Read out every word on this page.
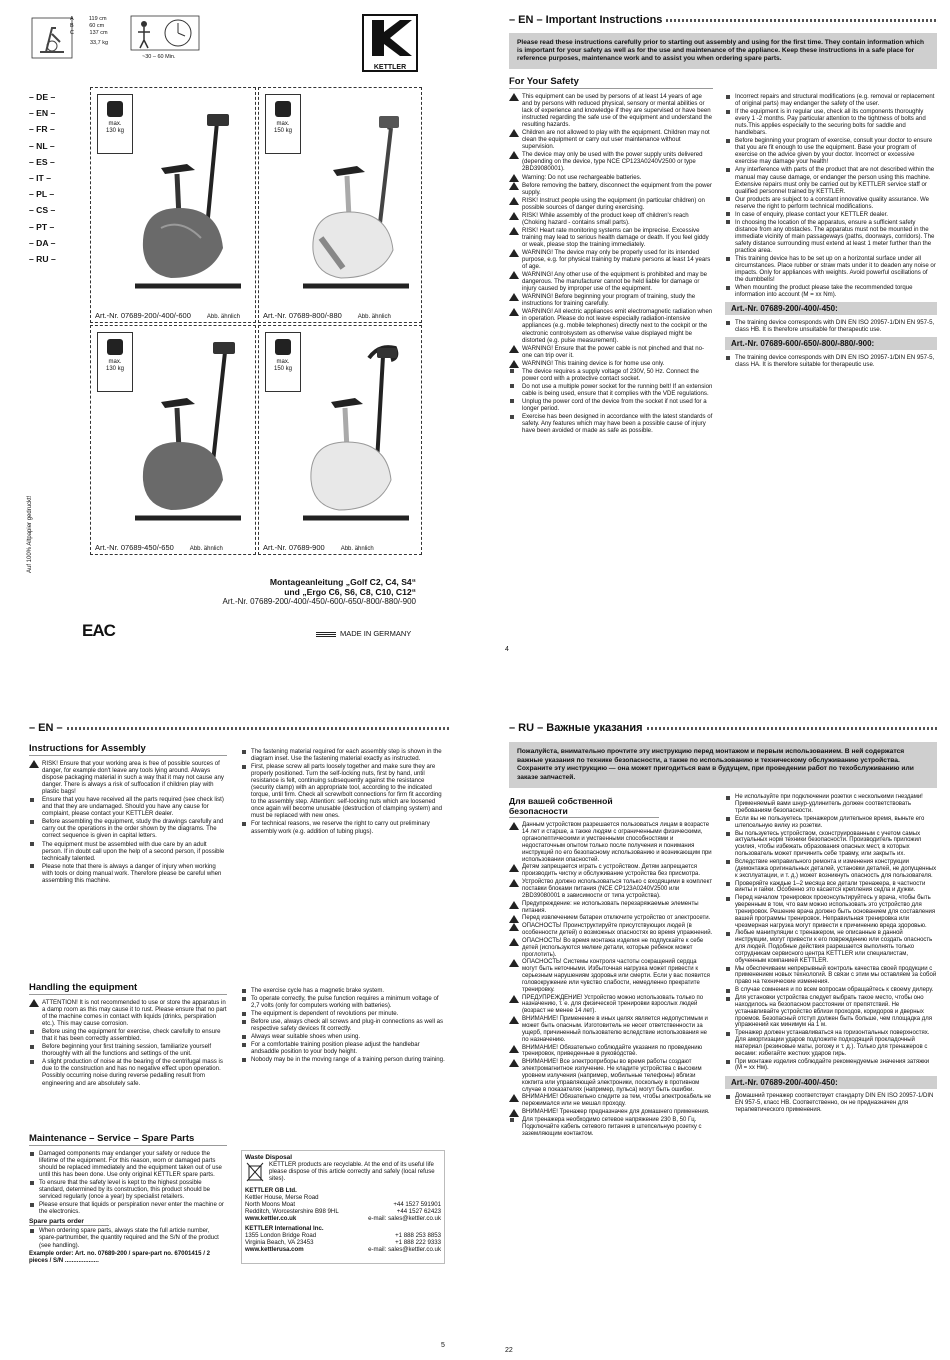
A	119 cm
B	60 cm
C	137 cm
33,7 kg
~30 – 60 Min.
KETTLER
– DE –
– EN –
– FR –
– NL –
– ES –
– IT –
– PL –
– CS –
– PT –
– DA –
– RU –
max.
130 kg
Art.-Nr. 07689-200/-400/-600	Abb. ähnlich
max.
150 kg
Art.-Nr. 07689-800/-880	Abb. ähnlich
max.
130 kg
Art.-Nr. 07689-450/-650	Abb. ähnlich
max.
150 kg
Art.-Nr. 07689-900	Abb. ähnlich
Auf 100% Altpapier gedruckt!
Montageanleitung „Golf C2, C4, S4“
und „Ergo C6, S6, C8, C10, C12“
Art.-Nr. 07689-200/-400/-450/-600/-650/-800/-880/-900
EAC	MADE IN GERMANY
– EN – Important Instructions
Please read these instructions carefully prior to starting out assembly and using for the first time. They contain information which is important for your safety as well as for the use and maintenance of the appliance. Keep these instructions in a safe place for reference purposes, maintenance work and to assist you when ordering spare parts.
For Your Safety
This equipment can be used by persons of at least 14 years of age and by persons with reduced physical, sensory or mental abilities or lack of experience and knowledge if they are supervised or have been instructed regarding the safe use of the equipment and understand the resulting hazards.
Children are not allowed to play with the equipment. Children may not clean the equipment or carry out user maintenance without supervision.
The device may only be used with the power supply units delivered (depending on the device, type NCE CP123A0240V2500 or type 2BD39080001).
Warning: Do not use rechargeable batteries.
Before removing the battery, disconnect the equipment from the power supply.
RISK! Instruct people using the equipment (in particular children) on possible sources of danger during exercising.
RISK! While assembly of the product keep off children's reach (Choking hazard - contains small parts).
RISK! Heart rate monitoring systems can be imprecise. Excessive training may lead to serious health damage or death. If you feel giddy or weak, please stop the training immediately.
WARNING! The device may only be properly used for its intended purpose, e.g. for physical training by mature persons at least 14 years of age.
WARNING! Any other use of the equipment is prohibited and may be dangerous. The manufacturer cannot be held liable for damage or injury caused by improper use of the equipment.
WARNING! Before beginning your program of training, study the instructions for training carefully.
WARNING! All electric appliances emit electromagnetic radiation when in operation. Please do not leave especially radiation-intensive appliances (e.g. mobile telephones) directly next to the cockpit or the electronic controlsystem as otherwise value displayed might be distorted (e.g. pulse measurement).
WARNING! Ensure that the power cable is not pinched and that no-one can trip over it.
WARNING! This training device is for home use only.
The device requires a supply voltage of 230V, 50 Hz. Connect the power cord with a protective contact socket.
Do not use a multiple power socket for the running belt! If an extension cable is being used, ensure that it complies with the VDE regulations.
Unplug the power cord of the device from the socket if not used for a longer period.
Exercise has been designed in accordance with the latest standards of safety. Any features which may have been a possible cause of injury have been avoided or made as safe as possible.
Incorrect repairs and structural modifications (e.g. removal or replacement of original parts) may endanger the safety of the user.
If the equipment is in regular use, check all its components thoroughly every 1 -2 months. Pay particular attention to the tightness of bolts and nuts.This applies especially to the securing bolts for saddle and handlebars.
Before beginning your program of exercise, consult your doctor to ensure that you are fit enough to use the equipment. Base your program of exercise on the advice given by your doctor. Incorrect or excessive exercise may damage your health!
Any interference with parts of the product that are not described within the manual may cause damage, or endanger the person using this machine. Extensive repairs must only be carried out by KETTLER service staff or qualified personnel trained by KETTLER.
Our products are subject to a constant innovative quality assurance. We reserve the right to perform technical modifications.
In case of enquiry, please contact your KETTLER dealer.
In choosing the location of the apparatus, ensure a sufficient safety distance from any obstacles. The apparatus must not be mounted in the immediate vicinity of main passageways (paths, doorways, corridors). The safety distance surrounding must extend at least 1 meter further than the practice area.
This training device has to be set up on a horizontal surface under all circumstances. Place rubber or straw mats under it to deaden any noise or impacts. Only for appliances with weights. Avoid powerful oscillations of the dumbbells!
When mounting the product please take the recommended torque information into account (M = xx Nm).
Art.-Nr. 07689-200/-400/-450:
The training device corresponds with DIN EN ISO 20957-1/DIN EN 957-5, class HB. It is therefore unsuitable for therapeutic use.
Art.-Nr. 07689-600/-650/-800/-880/-900:
The training device corresponds with DIN EN ISO 20957-1/DIN EN 957-5, class HA. It is therefore suitable for therapeutic use.
4
– EN –
Instructions for Assembly
RISK! Ensure that your working area is free of possible sources of danger, for example don't leave any tools lying around. Always dispose packaging material in such a way that it may not cause any danger. There is always a risk of suffocation if children play with plastic bags!
Ensure that you have received all the parts required (see check list) and that they are undamaged. Should you have any cause for complaint, please contact your KETTLER dealer.
Before assembling the equipment, study the drawings carefully and carry out the operations in the order shown by the diagrams. The correct sequence is given in capital letters.
The equipment must be assembled with due care by an adult person. If in doubt call upon the help of a second person, if possible technically talented.
Please note that there is always a danger of injury when working with tools or doing manual work. Therefore please be careful when assembling this machine.
The fastening material required for each assembly step is shown in the diagram inset. Use the fastening material exactly as instructed.
First, please screw all parts loosely together and make sure they are properly positioned. Turn the self-locking nuts, first by hand, until resistance is felt, continuing subsequently against the resistance (security clamp) with an appropriate tool, according to the indicated torque, until firm. Check all screw/bolt connections for firm fit according to the assembly step. Attention: self-locking nuts which are loosened once again will become unusable (destruction of clamping system) and must be replaced with new ones.
For technical reasons, we reserve the right to carry out preliminary assembly work (e.g. addition of tubing plugs).
Handling the equipment
ATTENTION! It is not recommended to use or store the apparatus in a damp room as this may cause it to rust. Please ensure that no part of the machine comes in contact with liquids (drinks, perspiration etc.). This may cause corrosion.
Before using the equipment for exercise, check carefully to ensure that it has been correctly assembled.
Before beginning your first training session, familiarize yourself thoroughly with all the functions and settings of the unit.
A slight production of noise at the bearing of the centrifugal mass is due to the construction and has no negative effect upon operation. Possibly occurring noise during reverse pedalling result from engineering and are absolutely safe.
The exercise cycle has a magnetic brake system.
To operate correctly, the pulse function requires a minimum voltage of 2,7 volts (only for computers working with batteries).
The equipment is dependent of revolutions per minute.
Before use, always check all screws and plug-in connections as well as respective safety devices fit correctly.
Always wear suitable shoes when using.
For a comfortable training position please adjust the handlebar andsaddle position to your body height.
Nobody may be in the moving range of a training person during training.
Maintenance – Service – Spare Parts
Damaged components may endanger your safety or reduce the lifetime of the equipment. For this reason, worn or damaged parts should be replaced immediately and the equipment taken out of use until this has been done. Use only original KETTLER spare parts.
To ensure that the safety level is kept to the highest possible standard, determined by its construction, this product should be serviced regularly (once a year) by specialist retailers.
Please ensure that liquids or perspiration never enter the machine or the electronics.
Spare parts order
When ordering spare parts, always state the full article number, spare-partnumber, the quantity required and the S/N of the product (see handling).
Example order: Art. no. 07689-200 / spare-part no. 67001415 / 2 pieces / S/N ....................
Waste Disposal
KETTLER products are recyclable. At the end of its useful life please dispose of this article correctly and safely (local refuse sites).
KETTLER GB Ltd.
Kettler House, Merse Road
North Moons Moat	+44 1527 591901
Redditch, Worcestershire B98 9HL	+44 1527 62423
www.kettler.co.uk	e-mail: sales@kettler.co.uk
KETTLER International Inc.
1355 London Bridge Road	+1 888 253 8853
Virginia Beach, VA 23453	+1 888 222 9333
www.kettlerusa.com	e-mail: sales@kettler.co.uk
5
– RU – Важные указания
Пожалуйста, внимательно прочтите эту инструкцию перед монтажом и первым использованием. В ней содержатся важные указания по технике безопасности, а также по использованию и техническому обслуживанию устройства. Сохраните эту инструкцию — она может пригодиться вам в будущем, при проведении работ по техобслуживанию или заказе запчастей.
Для вашей собственной безопасности
Данным устройством разрешается пользоваться лицам в возрасте 14 лет и старше, а также людям с ограниченными физическими, органолептическими и умственными способностями и недостаточным опытом только после получения и понимания инструкций по его безопасному использованию и возникающим при использовании опасностей.
Детям запрещается играть с устройством. Детям запрещается производить чистку и обслуживание устройства без присмотра.
Устройство должно использоваться только с входящими в комплект поставки блоками питания (NCE CP123A0240V2500 или 2BD39080001 в зависимости от типа устройства).
Предупреждение: не использовать перезаряжаемые элементы питания.
Перед извлечением батареи отключите устройство от электросети.
ОПАСНОСТЬ! Проинструктируйте присутствующих людей (в особенности детей) о возможных опасностях во время упражнений.
ОПАСНОСТЬ! Во время монтажа изделия не подпускайте к себе детей (используются мелкие детали, которые ребенок может проглотить).
ОПАСНОСТЬ! Системы контроля частоты сокращений сердца могут быть неточными. Избыточная нагрузка может привести к серьезным нарушениям здоровья или смерти. Если у вас появится головокружение или чувство слабости, немедленно прекратите тренировку.
ПРЕДУПРЕЖДЕНИЕ! Устройство можно использовать только по назначению, т. е. для физической тренировки взрослых людей (возраст не менее 14 лет).
ВНИМАНИЕ! Применение в иных целях является недопустимым и может быть опасным. Изготовитель не несет ответственности за ущерб, причиненный пользователю вследствие использования не по назначению.
ВНИМАНИЕ! Обязательно соблюдайте указания по проведению тренировок, приведенные в руководстве.
ВНИМАНИЕ! Все электроприборы во время работы создают электромагнитное излучение. Не кладите устройства с высоким уровнем излучения (например, мобильные телефоны) вблизи кокпита или управляющей электроники, поскольку в противном случае в показателях (например, пульса) могут быть ошибки.
ВНИМАНИЕ! Обязательно следите за тем, чтобы электрокабель не пережимался или не мешал проходу.
ВНИМАНИЕ! Тренажер предназначен для домашнего применения.
Для тренажера необходимо сетевое напряжение 230 В, 50 Гц. Подключайте кабель сетевого питания в штепсельную розетку с заземляющим контактом.
Не используйте при подключении розетки с несколькими гнездами! Применяемый вами шнур-удлинитель должен соответствовать требованиям безопасности.
Если вы не пользуетесь тренажером длительное время, выньте его штепсельную вилку из розетки.
Вы пользуетесь устройством, сконструированным с учетом самых актуальных норм техники безопасности. Производитель приложил усилия, чтобы избежать образования опасных мест, в которых пользователь может причинить себе травму, или закрыть их.
Вследствие неправильного ремонта и изменения конструкции (демонтажа оригинальных деталей, установки деталей, не допущенных к эксплуатации, и т. д.) может возникнуть опасность для пользователя.
Проверяйте каждые 1–2 месяца все детали тренажера, в частности винты и гайки. Особенно это касается крепления седла и дужки.
Перед началом тренировок проконсультируйтесь у врача, чтобы быть уверенным в том, что вам можно использовать это устройство для тренировок. Решение врача должно быть основанием для составления вашей программы тренировок. Неправильная тренировка или чрезмерная нагрузка могут привести к причинению вреда здоровью.
Любые манипуляции с тренажером, не описанные в данной инструкции, могут привести к его повреждению или создать опасность для людей. Подобные действия разрешается выполнять только сотрудникам сервисного центра KETTLER или специалистам, обученным компанией KETTLER.
Мы обеспечиваем непрерывный контроль качества своей продукции с применением новых технологий. В связи с этим мы оставляем за собой право на технические изменения.
В случае сомнения и по всем вопросам обращайтесь к своему дилеру.
Для установки устройства следует выбрать такое место, чтобы оно находилось на безопасном расстоянии от препятствий. Не устанавливайте устройство вблизи проходов, коридоров и дверных проемов. Безопасный отступ должен быть больше, чем площадка для упражнений как минимум на 1 м.
Тренажер должен устанавливаться на горизонтальных поверхностях. Для амортизации ударов подложите подходящий прокладочный материал (резиновые маты, рогожу и т. д.). Только для тренажеров с весами: избегайте жестких ударов гирь.
При монтаже изделия соблюдайте рекомендуемые значения затяжки (M = xx Нм).
Art.-Nr. 07689-200/-400/-450:
Домашний тренажер соответствует стандарту DIN EN ISO 20957-1/DIN EN 957-5, класс HB. Соответственно, он не предназначен для терапевтического применения.
22
